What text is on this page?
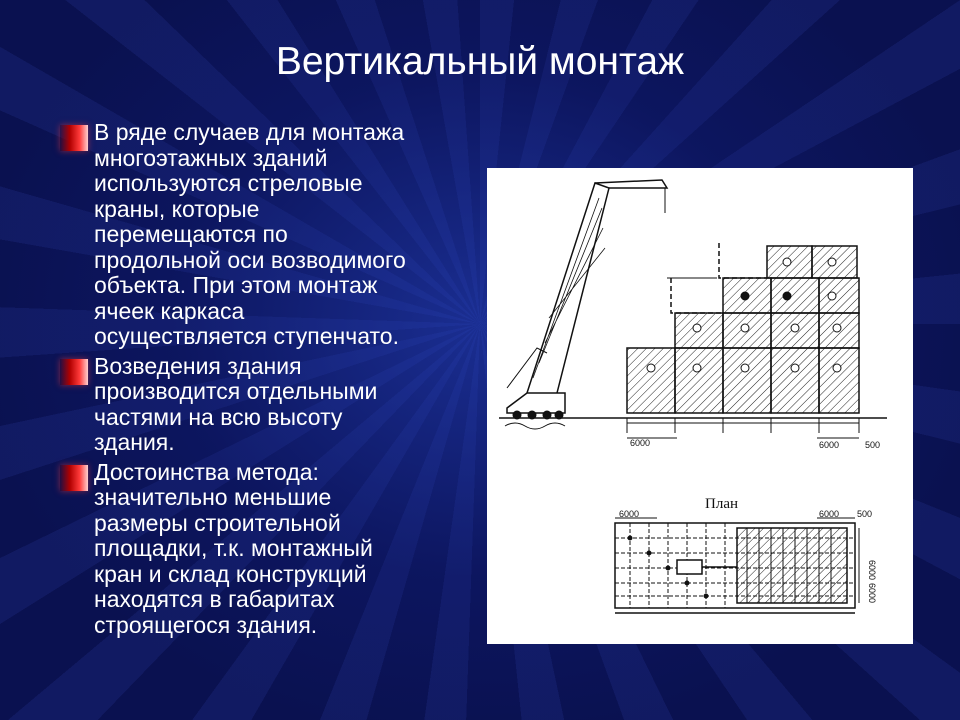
Вертикальный монтаж
В ряде случаев для монтажа
многоэтажных зданий
используются стреловые
краны, которые
перемещаются по
продольной оси возводимого
объекта. При этом монтаж
ячеек каркаса
осуществляется ступенчато.
Возведения здания
производится отдельными
частями на всю высоту
здания.
Достоинства метода:
значительно меньшие
размеры строительной
площадки, т.к. монтажный
кран и склад конструкций
находятся в габаритах
строящегося здания.
6000	6000	500
План
6000	6000 500
6000
6000
